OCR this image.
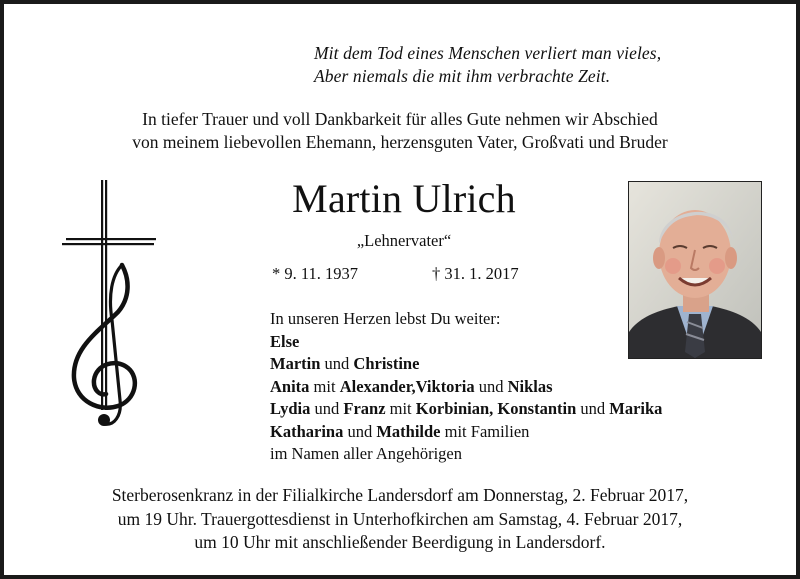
Mit dem Tod eines Menschen verliert man vieles,
Aber niemals die mit ihm verbrachte Zeit.
In tiefer Trauer und voll Dankbarkeit für alles Gute nehmen wir Abschied
von meinem liebevollen Ehemann, herzensguten Vater, Großvati und Bruder
Martin Ulrich
„Lehnervater“
* 9. 11. 1937	† 31. 1. 2017
In unseren Herzen lebst Du weiter:
Else
Martin und Christine
Anita mit Alexander,Viktoria und Niklas
Lydia und Franz mit Korbinian, Konstantin und Marika
Katharina und Mathilde mit Familien
im Namen aller Angehörigen
Sterberosenkranz in der Filialkirche Landersdorf am Donnerstag, 2. Februar 2017,
um 19 Uhr. Trauergottesdienst in Unterhofkirchen am Samstag, 4. Februar 2017,
um 10 Uhr mit anschließender Beerdigung in Landersdorf.
